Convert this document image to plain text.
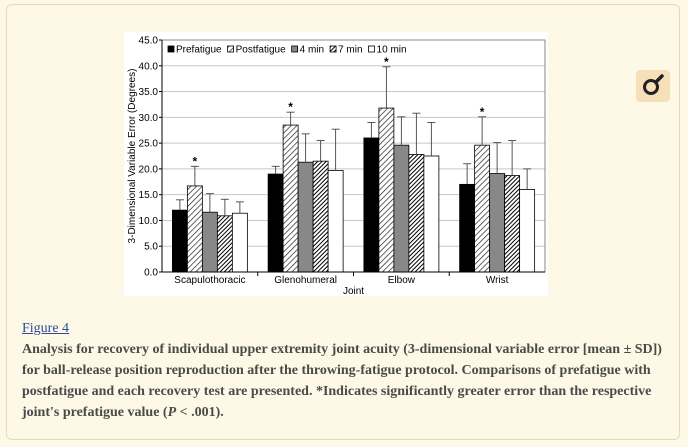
*
*
*
*
0.0
5.0
10.0
15.0
20.0
25.0
30.0
35.0
40.0
45.0
Scapulothoracic	Glenohumeral	Elbow	Wrist
Joint
3-Dimensional Variable Error (Degrees)
Prefatigue Postfatigue 4 min 7 min 10 min
Figure 4
Analysis for recovery of individual upper extremity joint acuity (3-dimensional variable error [mean ± SD]) for ball-release position reproduction after the throwing-fatigue protocol. Comparisons of prefatigue with postfatigue and each recovery test are presented. *Indicates significantly greater error than the respective joint's prefatigue value (P < .001).
